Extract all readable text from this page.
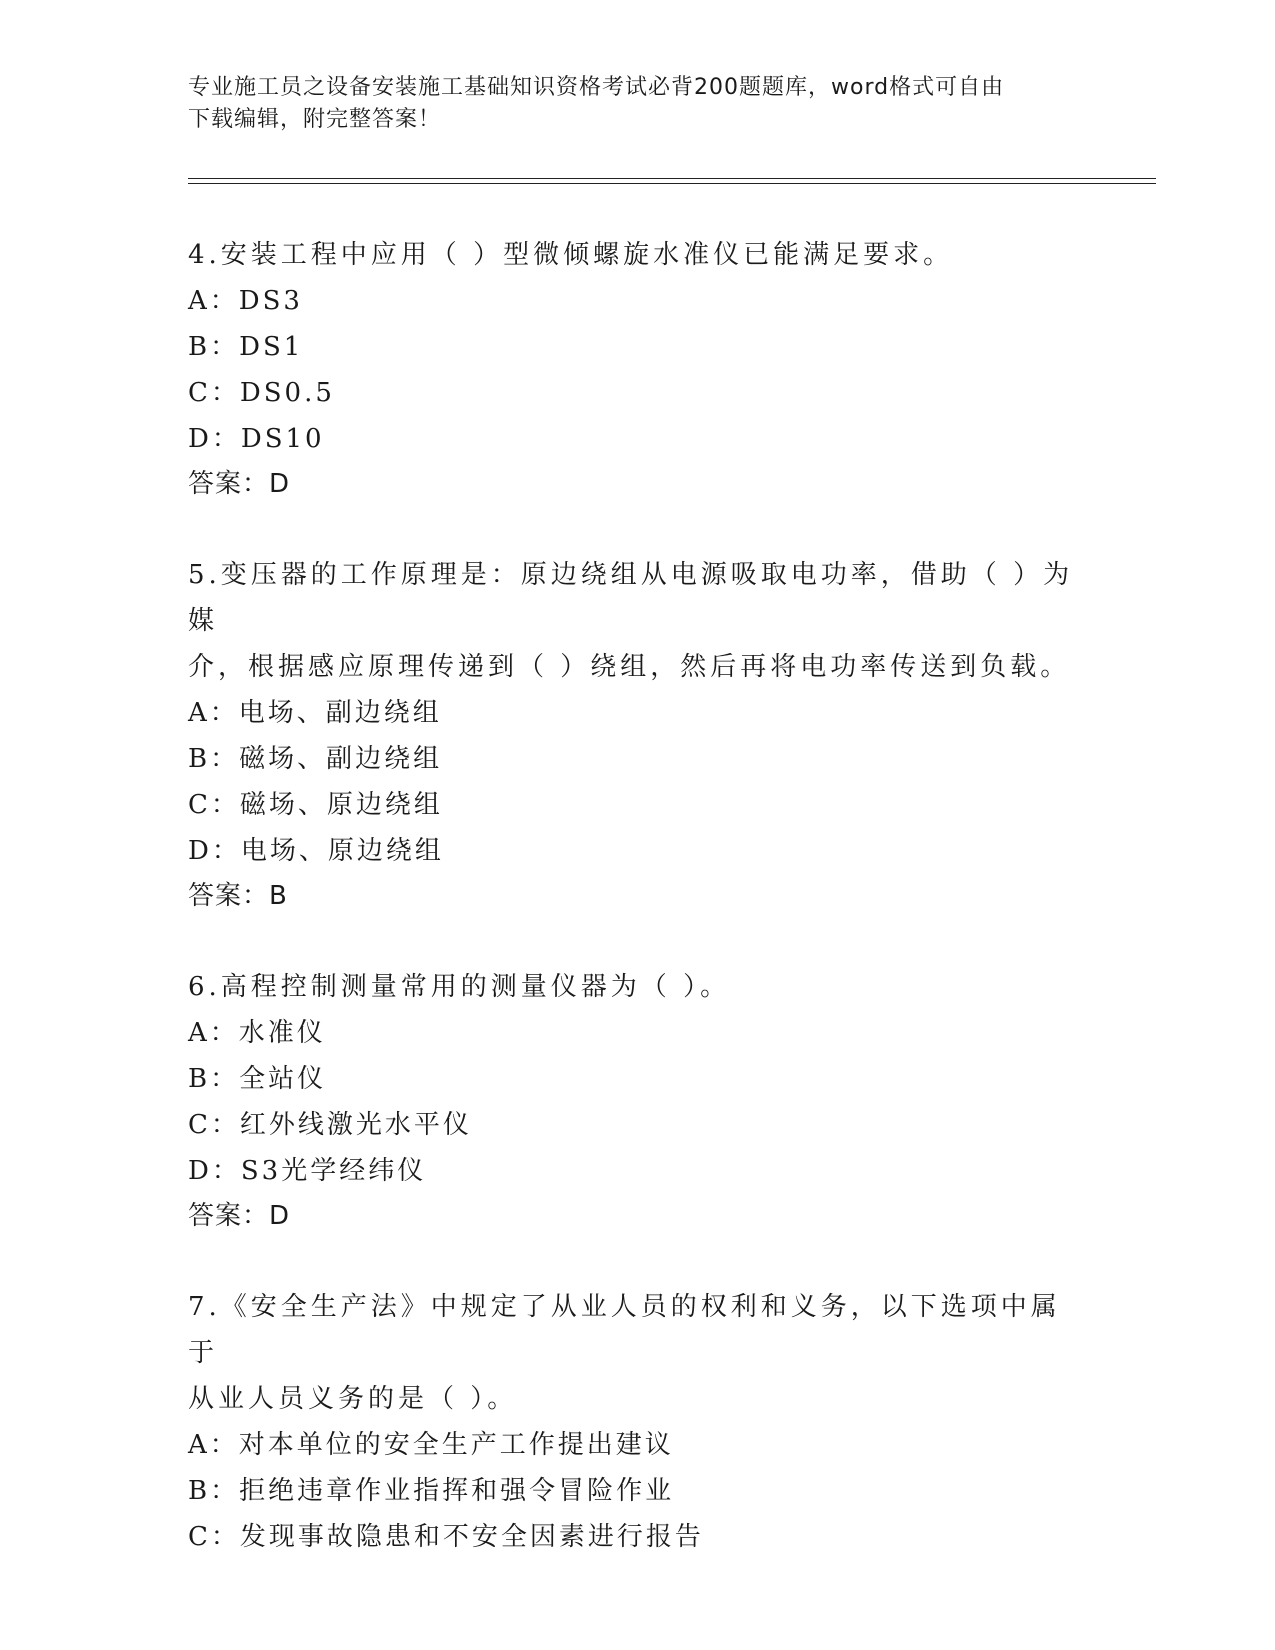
专业施工员之设备安装施工基础知识资格考试必背200题题库，word格式可自由
下载编辑，附完整答案！

4.安装工程中应用（ ）型微倾螺旋水准仪已能满足要求。

A：DS3

B：DS1

C：DS0.5

D：DS10

答案：D

5.变压器的工作原理是：原边绕组从电源吸取电功率，借助（ ）为媒

介，根据感应原理传递到（ ）绕组，然后再将电功率传送到负载。

A：电场、副边绕组

B：磁场、副边绕组

C：磁场、原边绕组

D：电场、原边绕组

答案：B

6.高程控制测量常用的测量仪器为（ ）。

A：水准仪

B：全站仪

C：红外线激光水平仪

D：S3光学经纬仪

答案：D

7.《安全生产法》中规定了从业人员的权利和义务，以下选项中属于

从业人员义务的是（ ）。

A：对本单位的安全生产工作提出建议

B：拒绝违章作业指挥和强令冒险作业

C：发现事故隐患和不安全因素进行报告
